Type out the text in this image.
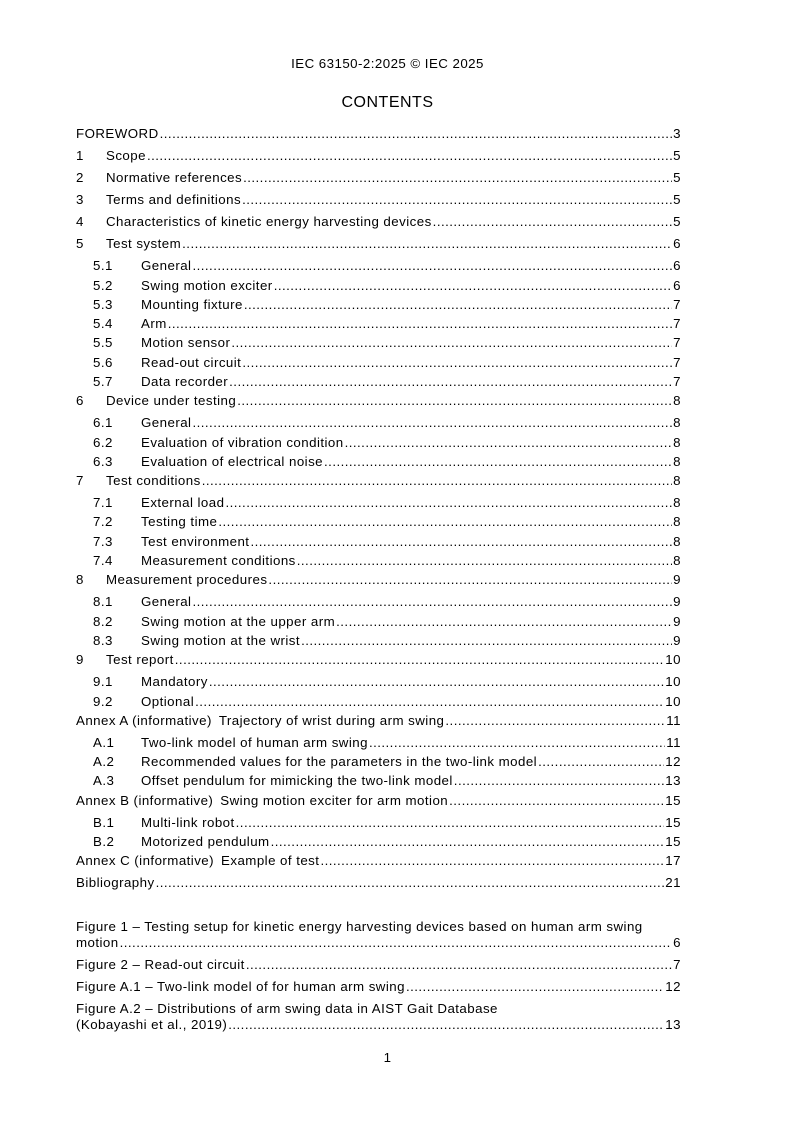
IEC 63150-2:2025 © IEC 2025
CONTENTS
FOREWORD .....	3
1	Scope .....	5
2	Normative references .....	5
3	Terms and definitions .....	5
4	Characteristics of kinetic energy harvesting devices .....	5
5	Test system .....	6
5.1	General .....	6
5.2	Swing motion exciter .....	6
5.3	Mounting fixture .....	7
5.4	Arm .....	7
5.5	Motion sensor .....	7
5.6	Read-out circuit .....	7
5.7	Data recorder .....	7
6	Device under testing .....	8
6.1	General .....	8
6.2	Evaluation of vibration condition .....	8
6.3	Evaluation of electrical noise .....	8
7	Test conditions .....	8
7.1	External load .....	8
7.2	Testing time .....	8
7.3	Test environment .....	8
7.4	Measurement conditions .....	8
8	Measurement procedures .....	9
8.1	General .....	9
8.2	Swing motion at the upper arm .....	9
8.3	Swing motion at the wrist .....	9
9	Test report .....	10
9.1	Mandatory .....	10
9.2	Optional .....	10
Annex A (informative) Trajectory of wrist during arm swing .....	11
A.1	Two-link model of human arm swing .....	11
A.2	Recommended values for the parameters in the two-link model .....	12
A.3	Offset pendulum for mimicking the two-link model .....	13
Annex B (informative) Swing motion exciter for arm motion .....	15
B.1	Multi-link robot .....	15
B.2	Motorized pendulum .....	15
Annex C (informative) Example of test .....	17
Bibliography .....	21
Figure 1 – Testing setup for kinetic energy harvesting devices based on human arm swing
motion .....	6
Figure 2 – Read-out circuit .....	7
Figure A.1 – Two-link model of for human arm swing .....	12
Figure A.2 – Distributions of arm swing data in AIST Gait Database
(Kobayashi et al., 2019) .....	13
1
